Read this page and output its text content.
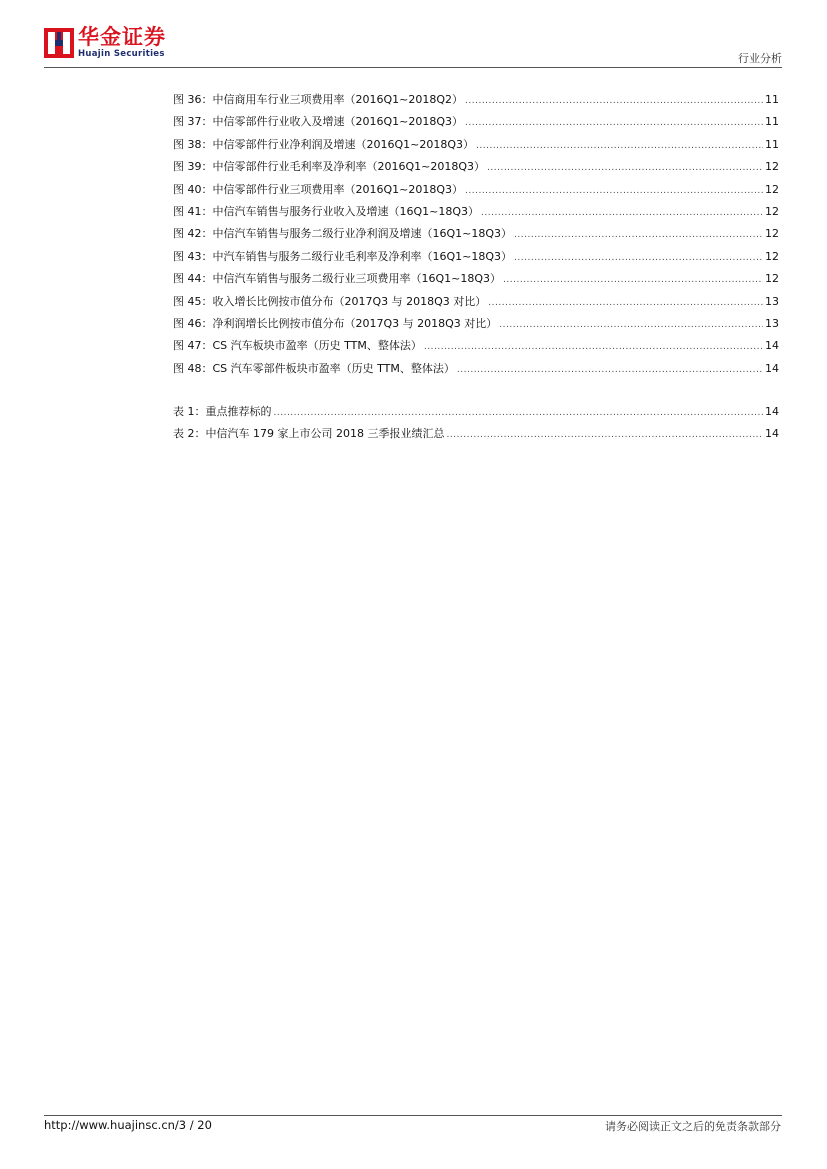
华金证券
Huajin Securities	行业分析
图 36：中信商用车行业三项费用率（2016Q1~2018Q2） .....	11
图 37：中信零部件行业收入及增速（2016Q1~2018Q3） .....	11
图 38：中信零部件行业净利润及增速（2016Q1~2018Q3） .....	11
图 39：中信零部件行业毛利率及净利率（2016Q1~2018Q3） .....	12
图 40：中信零部件行业三项费用率（2016Q1~2018Q3） .....	12
图 41：中信汽车销售与服务行业收入及增速（16Q1~18Q3） .....	12
图 42：中信汽车销售与服务二级行业净利润及增速（16Q1~18Q3） .....	12
图 43：中汽车销售与服务二级行业毛利率及净利率（16Q1~18Q3） .....	12
图 44：中信汽车销售与服务二级行业三项费用率（16Q1~18Q3） .....	12
图 45：收入增长比例按市值分布（2017Q3 与 2018Q3 对比） .....	13
图 46：净利润增长比例按市值分布（2017Q3 与 2018Q3 对比） .....	13
图 47：CS 汽车板块市盈率（历史 TTM、整体法） .....	14
图 48：CS 汽车零部件板块市盈率（历史 TTM、整体法） .....	14
表 1：重点推荐标的 .....	14
表 2：中信汽车 179 家上市公司 2018 三季报业绩汇总 .....	14
http://www.huajinsc.cn/3 / 20	请务必阅读正文之后的免责条款部分
